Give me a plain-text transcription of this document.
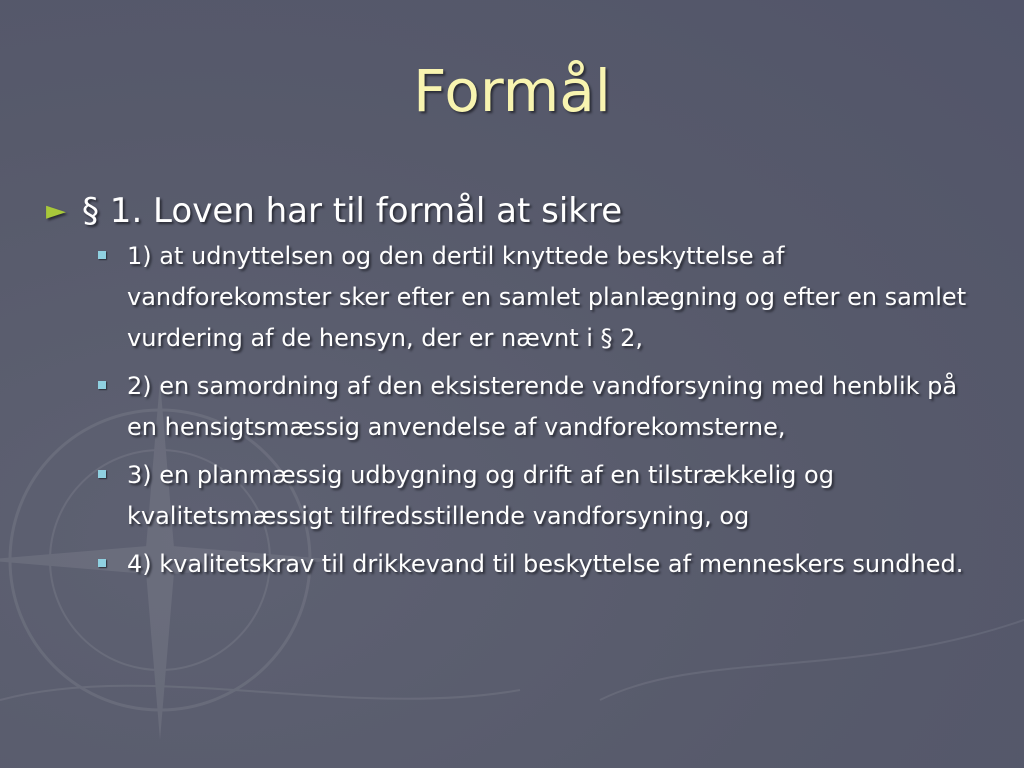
Formål
► § 1. Loven har til formål at sikre
1) at udnyttelsen og den dertil knyttede beskyttelse af vandforekomster sker efter en samlet planlægning og efter en samlet vurdering af de hensyn, der er nævnt i § 2,
2) en samordning af den eksisterende vandforsyning med henblik på en hensigtsmæssig anvendelse af vandforekomsterne,
3) en planmæssig udbygning og drift af en tilstrækkelig og kvalitetsmæssigt tilfredsstillende vandforsyning, og
4) kvalitetskrav til drikkevand til beskyttelse af menneskers sundhed.
